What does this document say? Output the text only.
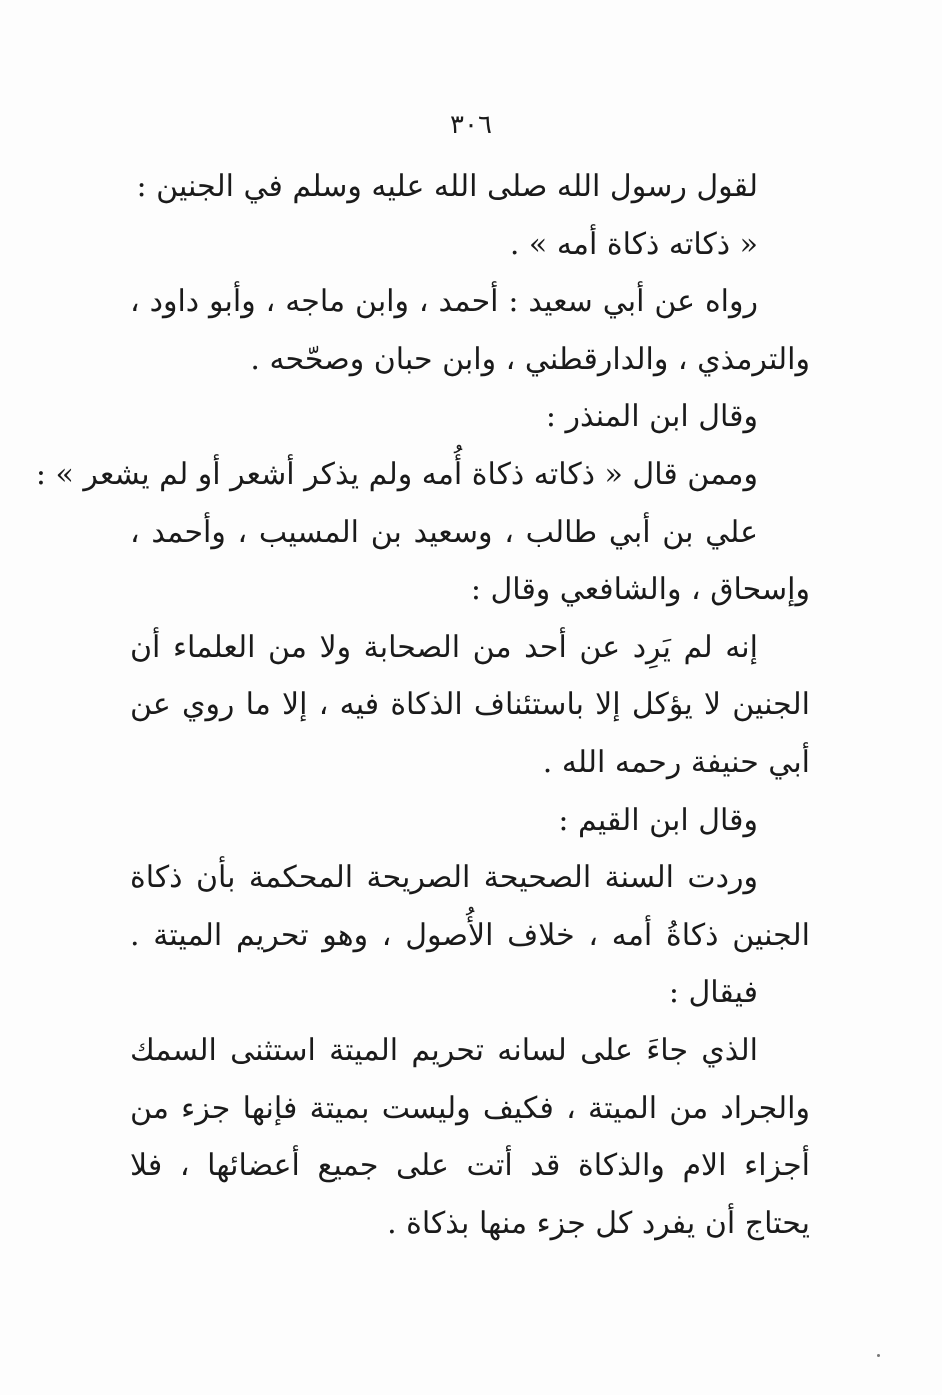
٣٠٦
لقول رسول الله صلى الله عليه وسلم في الجنين :
« ذكاته ذكاة أمه » .
رواه عن أبي سعيد : أحمد ، وابن ماجه ، وأبو داود ،
والترمذي ، والدارقطني ، وابن حبان وصحّحه .
وقال ابن المنذر :
وممن قال « ذكاته ذكاة أُمه ولم يذكر أشعر أو لم يشعر » :
علي بن أبي طالب ، وسعيد بن المسيب ، وأحمد ،
وإسحاق ، والشافعي وقال :
إنه لم يَرِد عن أحد من الصحابة ولا من العلماء أن
الجنين لا يؤكل إلا باستئناف الذكاة فيه ، إلا ما روي عن
أبي حنيفة رحمه الله .
وقال ابن القيم :
وردت السنة الصحيحة الصريحة المحكمة بأن ذكاة
الجنين ذكاةُ أمه ، خلاف الأُصول ، وهو تحريم الميتة .
فيقال :
الذي جاءَ على لسانه تحريم الميتة استثنى السمك
والجراد من الميتة ، فكيف وليست بميتة فإنها جزء من
أجزاء الام والذكاة قد أتت على جميع أعضائها ، فلا
يحتاج أن يفرد كل جزء منها بذكاة .
